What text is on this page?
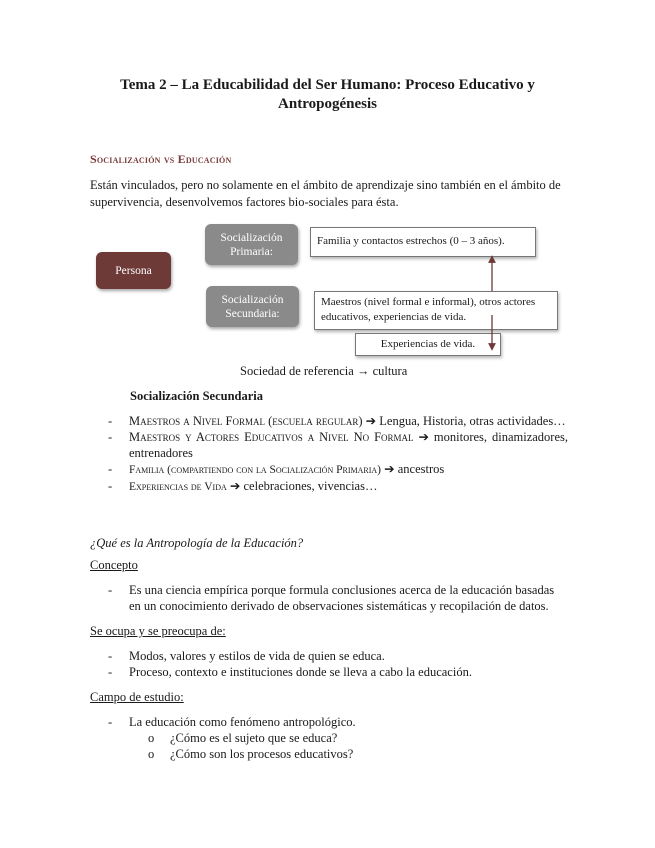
Tema 2 – La Educabilidad del Ser Humano: Proceso Educativo y
Antropogénesis
Socialización vs Educación
Están vinculados, pero no solamente en el ámbito de aprendizaje sino también en el ámbito de supervivencia, desenvolvemos factores bio-sociales para ésta.
Persona
Socialización Primaria:
Socialización Secundaria:
Familia y contactos estrechos (0 – 3 años).
Maestros (nivel formal e informal), otros actores educativos, experiencias de vida.
Experiencias de vida.
Sociedad de referencia → cultura
Socialización Secundaria
- Maestros a Nivel Formal (escuela regular) ➔ Lengua, Historia, otras actividades…
- Maestros y Actores Educativos a Nivel No Formal ➔ monitores, dinamizadores, entrenadores
- Familia (compartiendo con la Socialización Primaria) ➔ ancestros
- Experiencias de Vida ➔ celebraciones, vivencias…
¿Qué es la Antropología de la Educación?
Concepto
- Es una ciencia empírica porque formula conclusiones acerca de la educación basadas en un conocimiento derivado de observaciones sistemáticas y recopilación de datos.
Se ocupa y se preocupa de:
- Modos, valores y estilos de vida de quien se educa.
- Proceso, contexto e instituciones donde se lleva a cabo la educación.
Campo de estudio:
- La educación como fenómeno antropológico.
o ¿Cómo es el sujeto que se educa?
o ¿Cómo son los procesos educativos?
